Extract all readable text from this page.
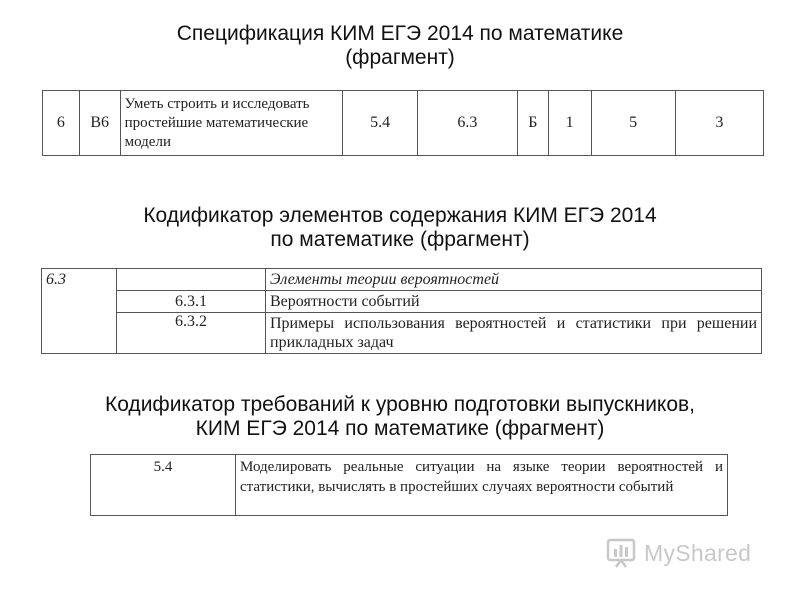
Спецификация КИМ ЕГЭ 2014 по математике
(фрагмент)
6	В6	Уметь строить и исследовать простейшие математические модели	5.4	6.3	Б	1	5	3
Кодификатор элементов содержания КИМ ЕГЭ 2014
по математике (фрагмент)
6.3		Элементы теории вероятностей
	6.3.1	Вероятности событий
	6.3.2	Примеры использования вероятностей и статистики при решении прикладных задач
Кодификатор требований к уровню подготовки выпускников,
КИМ ЕГЭ 2014 по математике (фрагмент)
5.4	Моделировать реальные ситуации на языке теории вероятностей и статистики, вычислять в простейших случаях вероятности событий
MyShared
